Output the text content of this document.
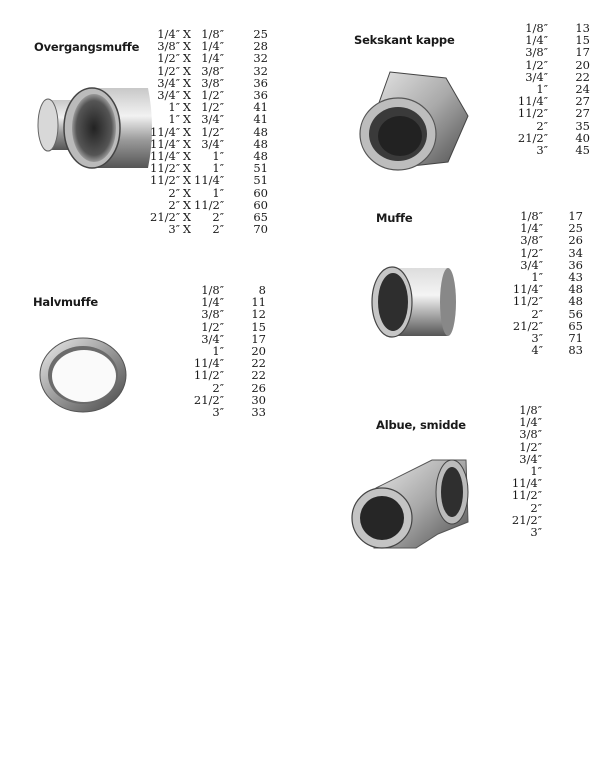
Overgangsmuffe
1/4″ X 1/8″	25
3/8″ X 1/4″	28
1/2″ X 1/4″	32
1/2″ X 3/8″	32
3/4″ X 3/8″	36
3/4″ X 1/2″	36
1″ X 1/2″	41
1″ X 3/4″	41
11/4″ X 1/2″	48
11/4″ X 3/4″	48
11/4″ X	1″	48
11/2″ X	1″	51
11/2″ X 11/4″	51
2″ X	1″	60
2″ X 11/2″	60
21/2″ X	2″	65
3″ X	2″	70
Halvmuffe
1/8″	8
1/4″	11
3/8″	12
1/2″	15
3/4″	17
1″	20
11/4″	22
11/2″	22
2″	26
21/2″	30
3″	33
Sekskant kappe
1/8″	13
1/4″	15
3/8″	17
1/2″	20
3/4″	22
1″	24
11/4″	27
11/2″	27
2″	35
21/2″	40
3″	45
Muffe	1/8″	17
1/4″	25
3/8″	26
1/2″	34
3/4″	36
1″	43
11/4″	48
11/2″	48
2″	56
21/2″	65
3″	71
4″	83
Albue, smidde
1/8″
1/4″
3/8″
1/2″
3/4″
1″
11/4″
11/2″
2″
21/2″
3″
